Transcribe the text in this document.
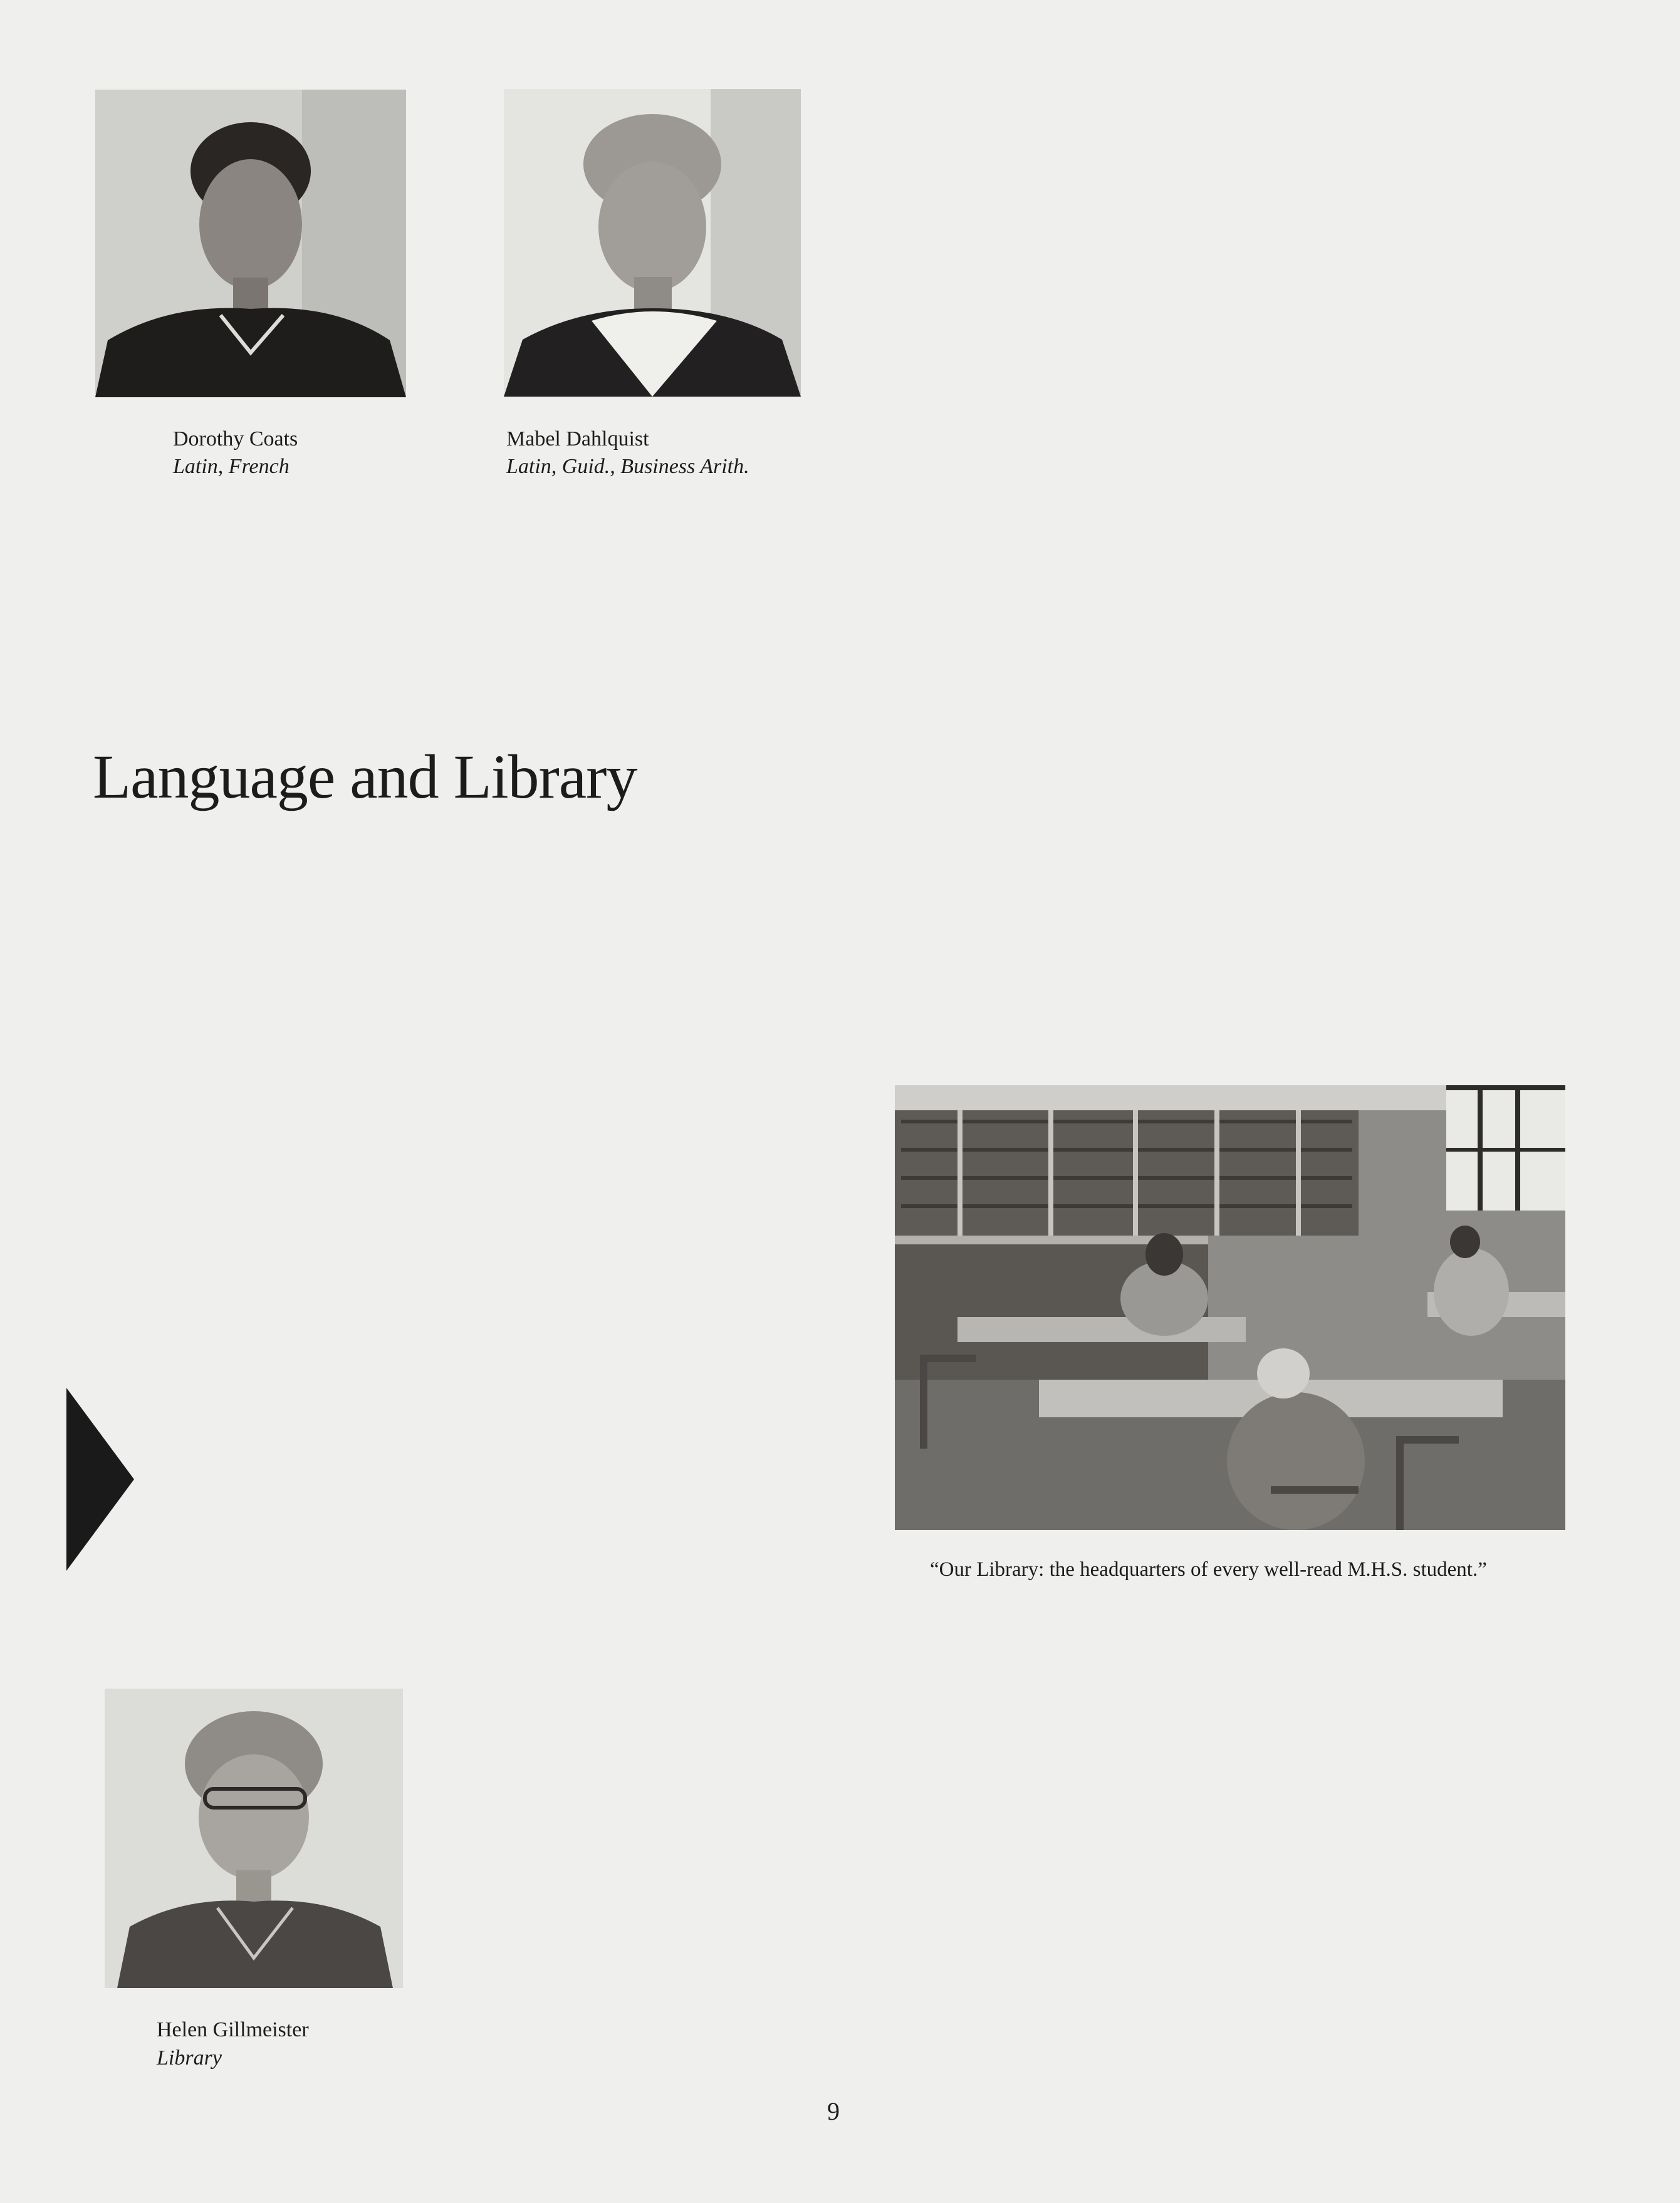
Dorothy Coats
Latin, French
Mabel Dahlquist
Latin, Guid., Business Arith.
Language and Library
“Our Library: the headquarters of every well-read M.H.S. student.”
Helen Gillmeister
Library
9
